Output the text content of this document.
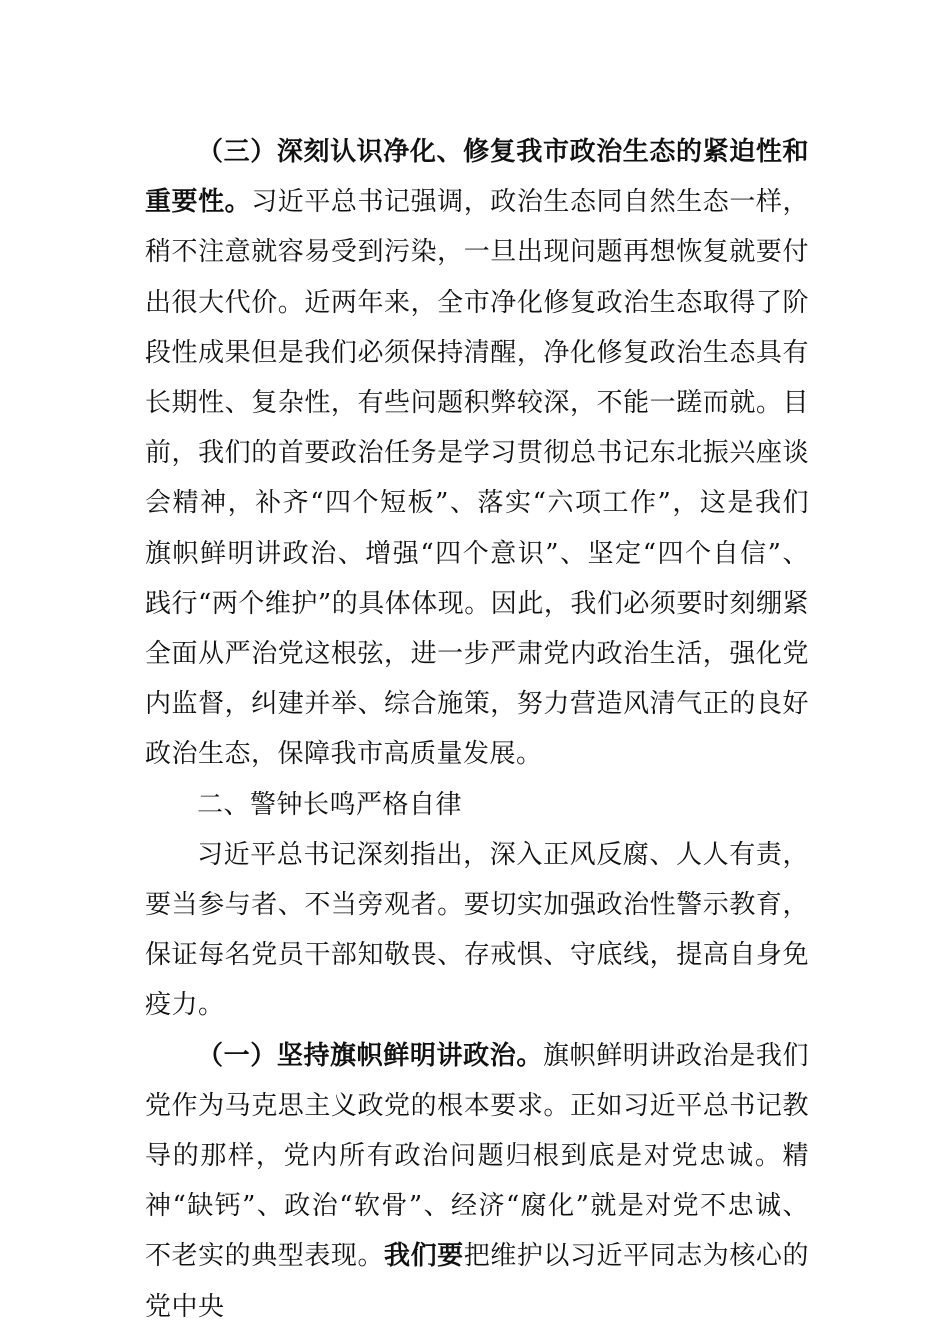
（三）深刻认识净化、修复我市政治生态的紧迫性和重要性。习近平总书记强调，政治生态同自然生态一样，稍不注意就容易受到污染，一旦出现问题再想恢复就要付出很大代价。近两年来，全市净化修复政治生态取得了阶段性成果但是我们必须保持清醒，净化修复政治生态具有长期性、复杂性，有些问题积弊较深，不能一蹉而就。目前，我们的首要政治任务是学习贯彻总书记东北振兴座谈会精神，补齐“四个短板”、落实“六项工作”，这是我们旗帜鲜明讲政治、增强“四个意识”、坚定“四个自信”、践行“两个维护”的具体体现。因此，我们必须要时刻绷紧全面从严治党这根弦，进一步严肃党内政治生活，强化党内监督，纠建并举、综合施策，努力营造风清气正的良好政治生态，保障我市高质量发展。

二、警钟长鸣严格自律

习近平总书记深刻指出，深入正风反腐、人人有责，要当参与者、不当旁观者。要切实加强政治性警示教育，保证每名党员干部知敬畏、存戒惧、守底线，提高自身免疫力。

（一）坚持旗帜鲜明讲政治。旗帜鲜明讲政治是我们党作为马克思主义政党的根本要求。正如习近平总书记教导的那样，党内所有政治问题归根到底是对党忠诚。精神“缺钙”、政治“软骨”、经济“腐化”就是对党不忠诚、不老实的典型表现。我们要把维护以习近平同志为核心的党中央
